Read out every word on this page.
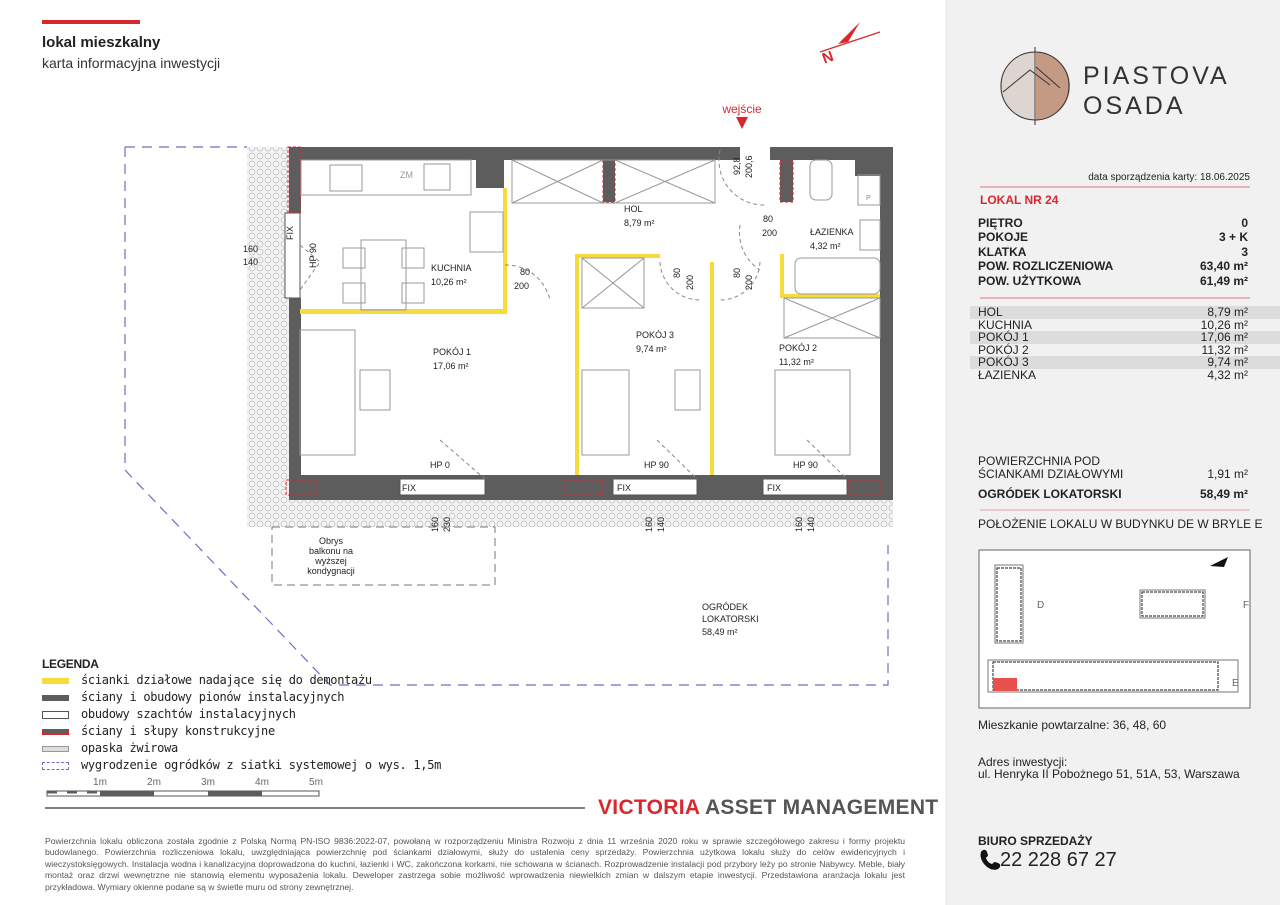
N
wejście
KUCHNIA
10,26 m²
HOL
8,79 m²
ŁAZIENKA
4,32 m²
POKÓJ 1
17,06 m²
POKÓJ 3
9,74 m²	POKÓJ 2
11,32 m²
OGRÓDEK
LOKATORSKI
58,49 m²
Obrys
balkonu na
wyższej
kondygnacji
ZM
P
FIX	FIX	FIX
HP 0	HP 90	HP 90
80
200
80
200
160
140
FIX
HP 90
80
200
80
200
92,8 200,6
160 230	160 140	160 140
1m	2m	3m	4m	5m
PIASTOVA
OSADA
D	F
E
lokal mieszkalny
karta informacyjna inwestycji
LEGENDA
ścianki działowe nadające się do demontażu
ściany i obudowy pionów instalacyjnych
obudowy szachtów instalacyjnych
ściany i słupy konstrukcyjne
opaska żwirowa
wygrodzenie ogródków z siatki systemowej o wys. 1,5m
VICTORIA ASSET MANAGEMENT
Powierzchnia lokalu obliczona została zgodnie z Polską Normą PN-ISO 9836:2022-07, powołaną w rozporządzeniu Ministra Rozwoju z dnia 11 września 2020 roku w sprawie szczegółowego zakresu i formy projektu budowlanego. Powierzchnia rozliczeniowa lokalu, uwzględniająca powierzchnię pod ściankami działowymi, służy do ustalenia ceny sprzedaży. Powierzchnia użytkowa lokalu służy do celów ewidencyjnych i wieczystoksięgowych. Instalacja wodna i kanalizacyjna doprowadzona do kuchni, łazienki i WC, zakończona korkami, nie schowana w ścianach. Rozprowadzenie instalacji pod przybory leży po stronie Nabywcy. Meble, biały montaż oraz drzwi wewnętrzne nie stanowią elementu wyposażenia lokalu. Deweloper zastrzega sobie możliwość wprowadzenia niewielkich zmian w dalszym etapie inwestycji. Przedstawiona aranżacja lokalu jest przykładowa. Wymiary okienne podane są w świetle muru od strony zewnętrznej.
data sporządzenia karty: 18.06.2025
LOKAL NR 24
PIĘTRO	0
POKOJE	3 + K
KLATKA	3
POW. ROZLICZENIOWA	63,40 m²
POW. UŻYTKOWA	61,49 m²
HOL	8,79 m²
KUCHNIA	10,26 m²
POKÓJ 1	17,06 m²
POKÓJ 2	11,32 m²
POKÓJ 3	9,74 m²
ŁAZIENKA	4,32 m²
POWIERZCHNIA POD
ŚCIANKAMI DZIAŁOWYMI	1,91 m²
OGRÓDEK LOKATORSKI	58,49 m²
POŁOŻENIE LOKALU W BUDYNKU DE W BRYLE E
Mieszkanie powtarzalne: 36, 48, 60
Adres inwestycji:
ul. Henryka II Pobożnego 51, 51A, 53, Warszawa
BIURO SPRZEDAŻY
22 228 67 27
